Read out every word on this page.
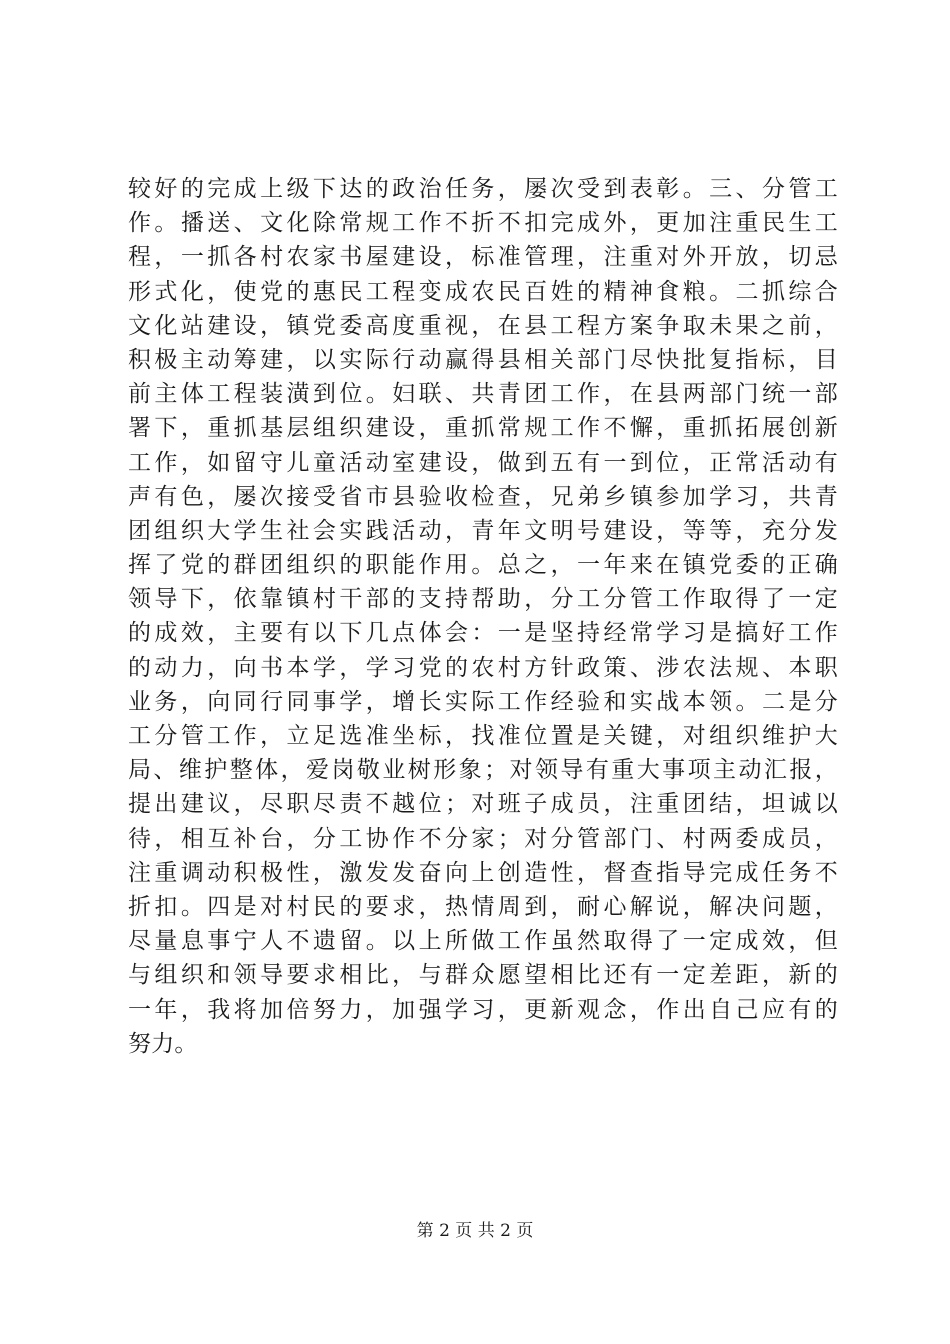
较好的完成上级下达的政治任务，屡次受到表彰。三、分管工
作。播送、文化除常规工作不折不扣完成外，更加注重民生工
程，一抓各村农家书屋建设，标准管理，注重对外开放，切忌
形式化，使党的惠民工程变成农民百姓的精神食粮。二抓综合
文化站建设，镇党委高度重视，在县工程方案争取未果之前，
积极主动筹建，以实际行动赢得县相关部门尽快批复指标，目
前主体工程装潢到位。妇联、共青团工作，在县两部门统一部
署下，重抓基层组织建设，重抓常规工作不懈，重抓拓展创新
工作，如留守儿童活动室建设，做到五有一到位，正常活动有
声有色，屡次接受省市县验收检查，兄弟乡镇参加学习，共青
团组织大学生社会实践活动，青年文明号建设，等等，充分发
挥了党的群团组织的职能作用。总之，一年来在镇党委的正确
领导下，依靠镇村干部的支持帮助，分工分管工作取得了一定
的成效，主要有以下几点体会：一是坚持经常学习是搞好工作
的动力，向书本学，学习党的农村方针政策、涉农法规、本职
业务，向同行同事学，增长实际工作经验和实战本领。二是分
工分管工作，立足选准坐标，找准位置是关键，对组织维护大
局、维护整体，爱岗敬业树形象；对领导有重大事项主动汇报，
提出建议，尽职尽责不越位；对班子成员，注重团结，坦诚以
待，相互补台，分工协作不分家；对分管部门、村两委成员，
注重调动积极性，激发发奋向上创造性，督查指导完成任务不
折扣。四是对村民的要求，热情周到，耐心解说，解决问题，
尽量息事宁人不遗留。以上所做工作虽然取得了一定成效，但
与组织和领导要求相比，与群众愿望相比还有一定差距，新的
一年，我将加倍努力，加强学习，更新观念，作出自己应有的
努力。
第 2 页 共 2 页
